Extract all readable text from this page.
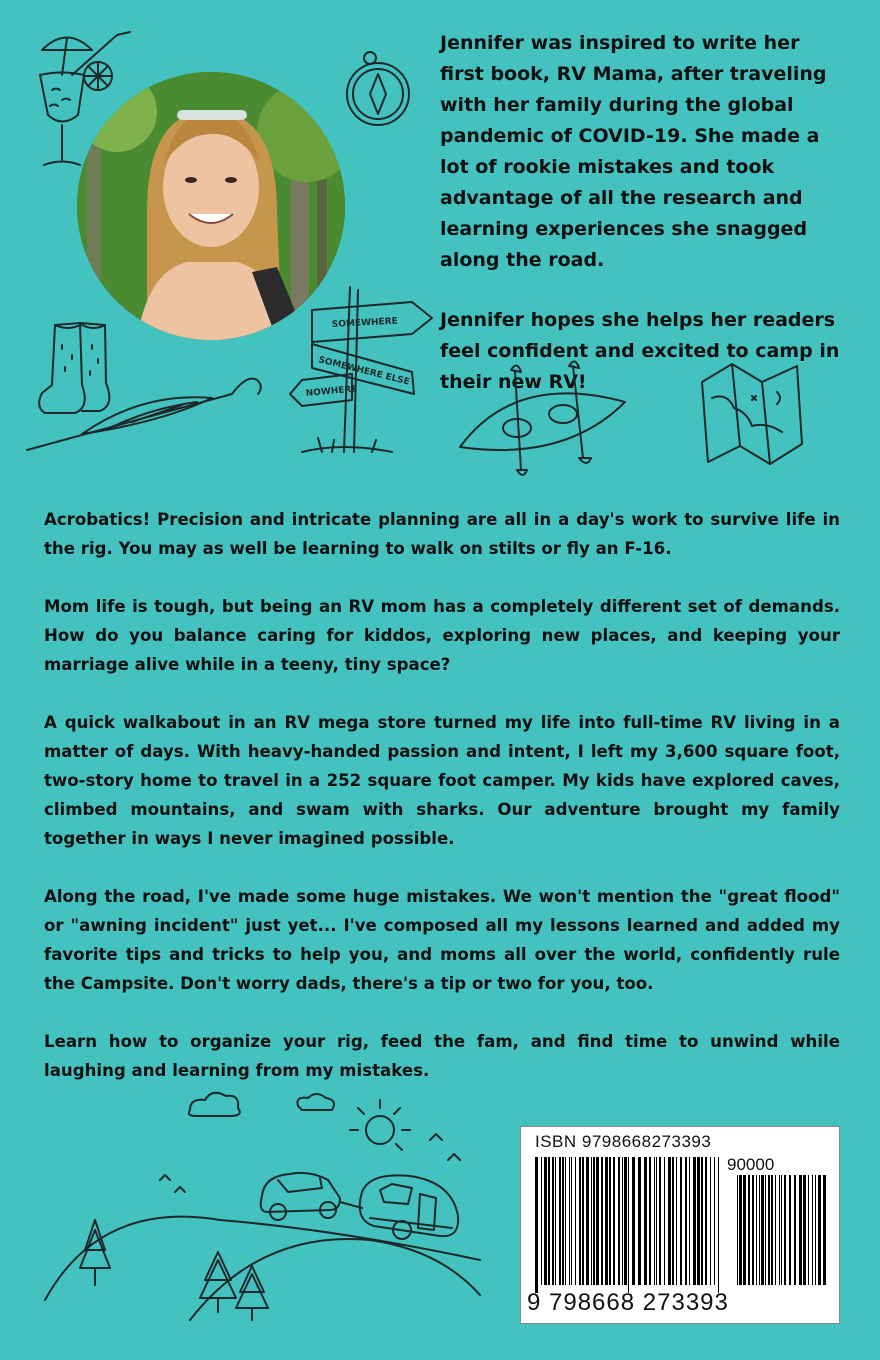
Jennifer was inspired to write her first book, RV Mama, after traveling with her family during the global pandemic of COVID-19. She made a lot of rookie mistakes and took advantage of all the research and learning experiences she snagged along the road.

Jennifer hopes she helps her readers feel confident and excited to camp in their new RV!

SOMEWHERE
SOMEWHERE ELSE
NOWHERE

Acrobatics! Precision and intricate planning are all in a day's work to survive life in the rig. You may as well be learning to walk on stilts or fly an F-16.

Mom life is tough, but being an RV mom has a completely different set of demands. How do you balance caring for kiddos, exploring new places, and keeping your marriage alive while in a teeny, tiny space?

A quick walkabout in an RV mega store turned my life into full-time RV living in a matter of days. With heavy-handed passion and intent, I left my 3,600 square foot, two-story home to travel in a 252 square foot camper. My kids have explored caves, climbed mountains, and swam with sharks. Our adventure brought my family together in ways I never imagined possible.

Along the road, I've made some huge mistakes. We won't mention the "great flood" or "awning incident" just yet... I've composed all my lessons learned and added my favorite tips and tricks to help you, and moms all over the world, confidently rule the Campsite. Don't worry dads, there's a tip or two for you, too.

Learn how to organize your rig, feed the fam, and find time to unwind while laughing and learning from my mistakes.

ISBN 9798668273393
90000
9 798668 273393
